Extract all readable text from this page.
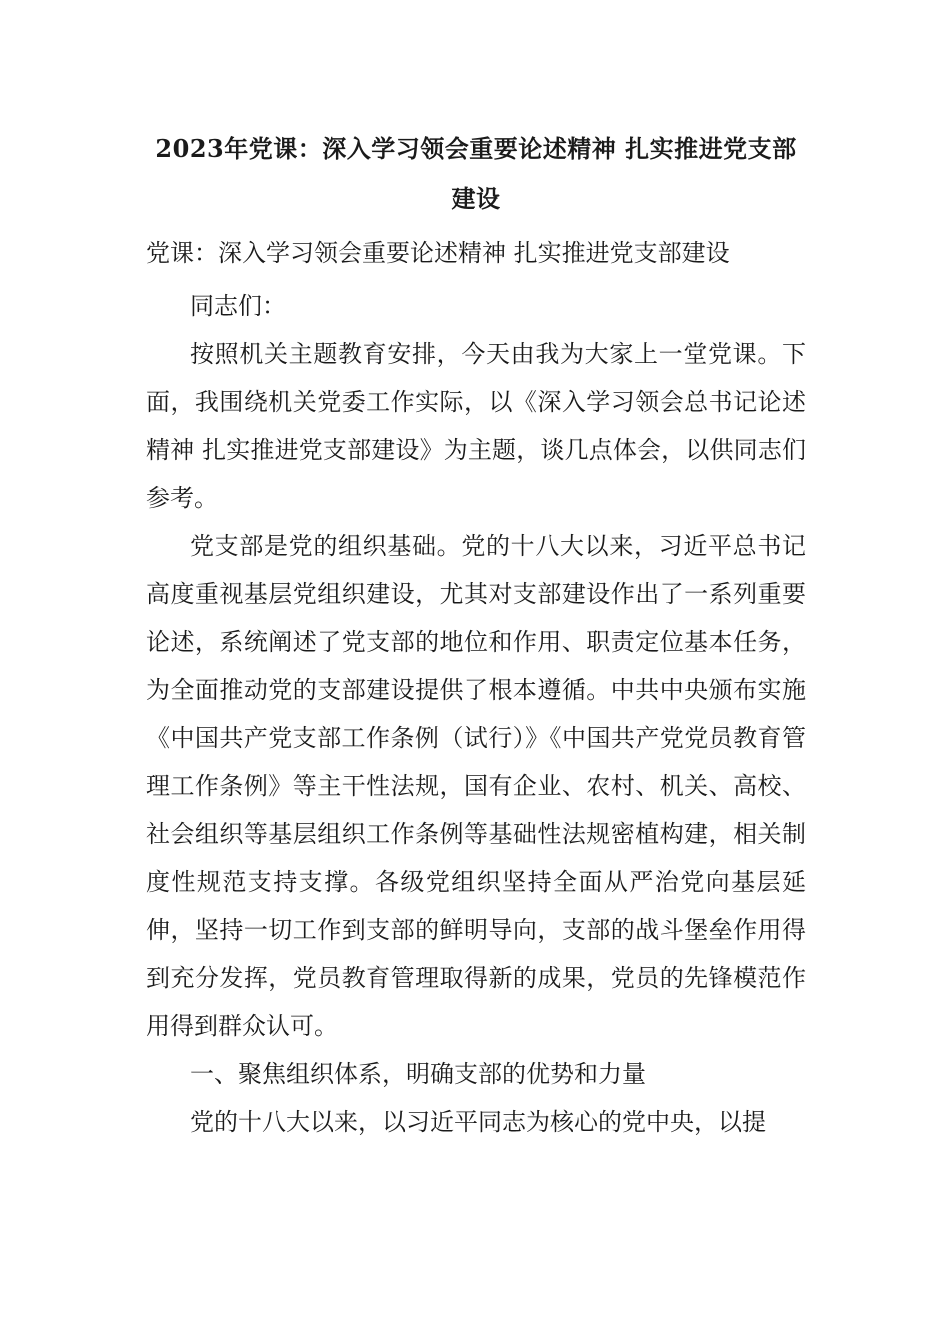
2023年党课：深入学习领会重要论述精神 扎实推进党支部建设

党课：深入学习领会重要论述精神 扎实推进党支部建设

同志们：

按照机关主题教育安排，今天由我为大家上一堂党课。下面，我围绕机关党委工作实际，以《深入学习领会总书记论述精神 扎实推进党支部建设》为主题，谈几点体会，以供同志们参考。

党支部是党的组织基础。党的十八大以来，习近平总书记高度重视基层党组织建设，尤其对支部建设作出了一系列重要论述，系统阐述了党支部的地位和作用、职责定位基本任务，为全面推动党的支部建设提供了根本遵循。中共中央颁布实施《中国共产党支部工作条例（试行）》《中国共产党党员教育管理工作条例》等主干性法规，国有企业、农村、机关、高校、社会组织等基层组织工作条例等基础性法规密植构建，相关制度性规范支持支撑。各级党组织坚持全面从严治党向基层延伸，坚持一切工作到支部的鲜明导向，支部的战斗堡垒作用得到充分发挥，党员教育管理取得新的成果，党员的先锋模范作用得到群众认可。

一、聚焦组织体系，明确支部的优势和力量

党的十八大以来，以习近平同志为核心的党中央，以提
